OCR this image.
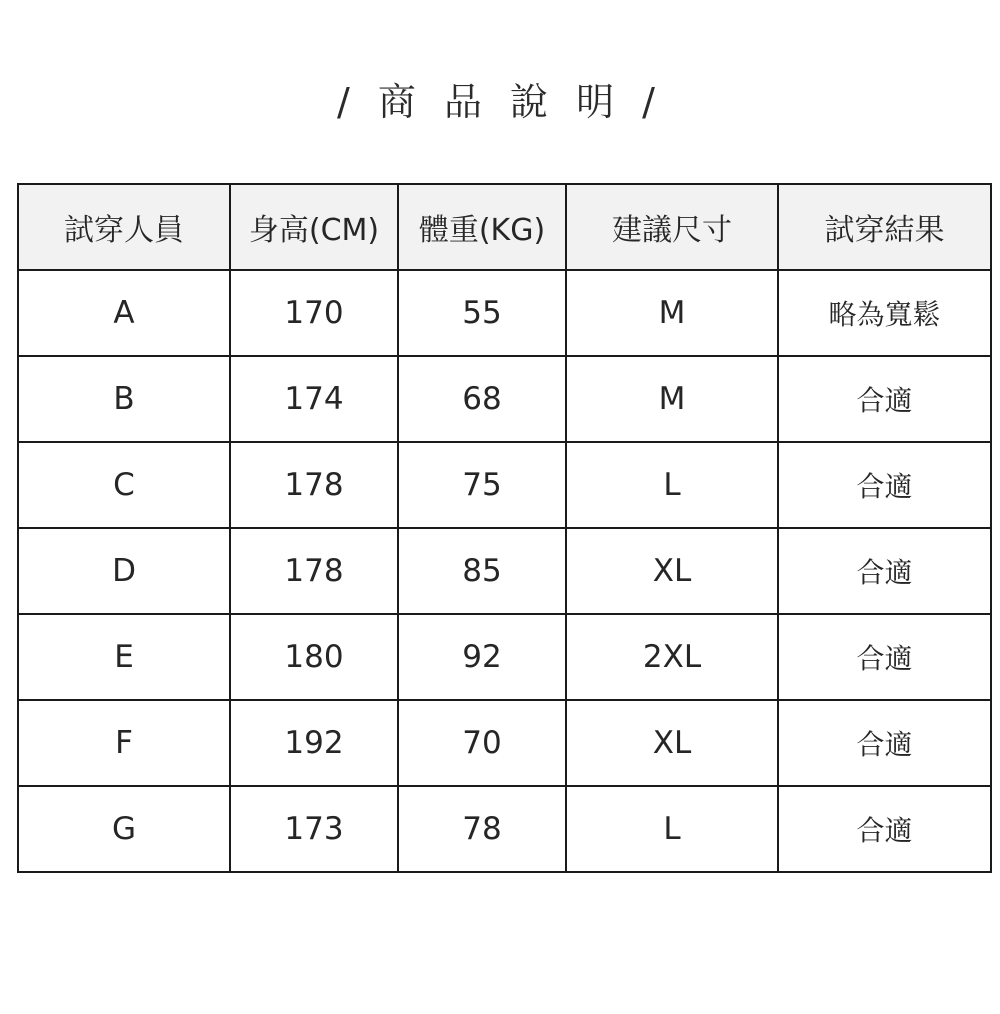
/ 商 品 說 明 /
試穿人員	身高(CM)	體重(KG)	建議尺寸	試穿結果
A	170	55	M	略為寬鬆
B	174	68	M	合適
C	178	75	L	合適
D	178	85	XL	合適
E	180	92	2XL	合適
F	192	70	XL	合適
G	173	78	L	合適
